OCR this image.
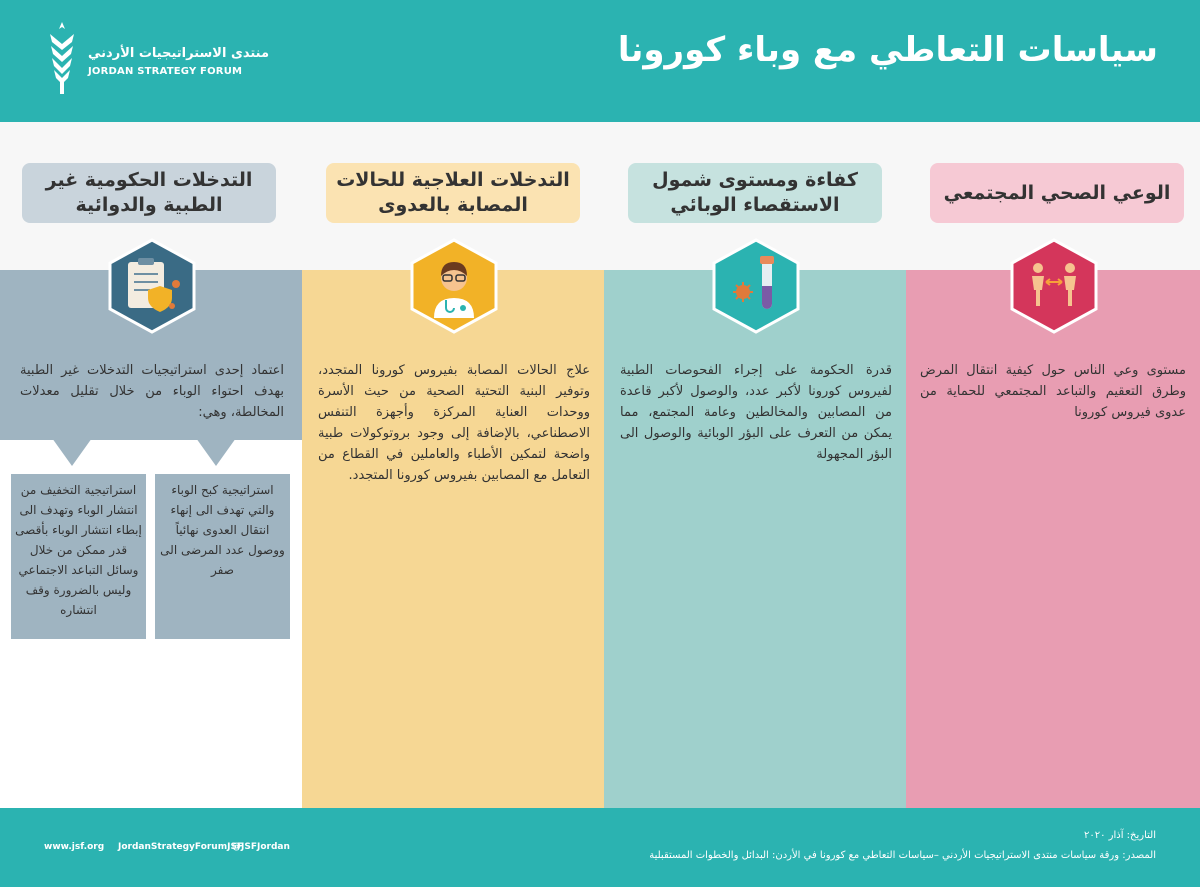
منتدى الاستراتيجيات الأردني
JORDAN STRATEGY FORUM
سياسات التعاطي مع وباء كورونا
الوعي الصحي المجتمعي
كفاءة ومستوى شمول الاستقصاء الوبائي
التدخلات العلاجية للحالات المصابة بالعدوى
التدخلات الحكومية غير الطبية والدوائية
مستوى وعي الناس حول كيفية انتقال المرض وطرق التعقيم والتباعد المجتمعي للحماية من عدوى فيروس كورونا
قدرة الحكومة على إجراء الفحوصات الطبية لفيروس كورونا لأكبر عدد، والوصول لأكبر قاعدة من المصابين والمخالطين وعامة المجتمع، مما يمكن من التعرف على البؤر الوبائية والوصول الى البؤر المجهولة
علاج الحالات المصابة بفيروس كورونا المتجدد، وتوفير البنية التحتية الصحية من حيث الأسرة ووحدات العناية المركزة وأجهزة التنفس الاصطناعي، بالإضافة إلى وجود بروتوكولات طبية واضحة لتمكين الأطباء والعاملين في القطاع من التعامل مع المصابين بفيروس كورونا المتجدد.
اعتماد إحدى استراتيجيات التدخلات غير الطبية بهدف احتواء الوباء من خلال تقليل معدلات المخالطة، وهي:
استراتيجية كبح الوباء والتي تهدف الى إنهاء انتقال العدوى نهائياً ووصول عدد المرضى الى صفر
استراتيجية التخفيف من انتشار الوباء وتهدف الى إبطاء انتشار الوباء بأقصى قدر ممكن من خلال وسائل التباعد الاجتماعي وليس بالضرورة وقف انتشاره
www.jsf.org JordanStrategyForumJSF
@JSFJordan
التاريخ: آذار ٢٠٢٠
المصدر: ورقة سياسات منتدى الاستراتيجيات الأردني –سياسات التعاطي مع كورونا في الأردن: البدائل والخطوات المستقبلية
